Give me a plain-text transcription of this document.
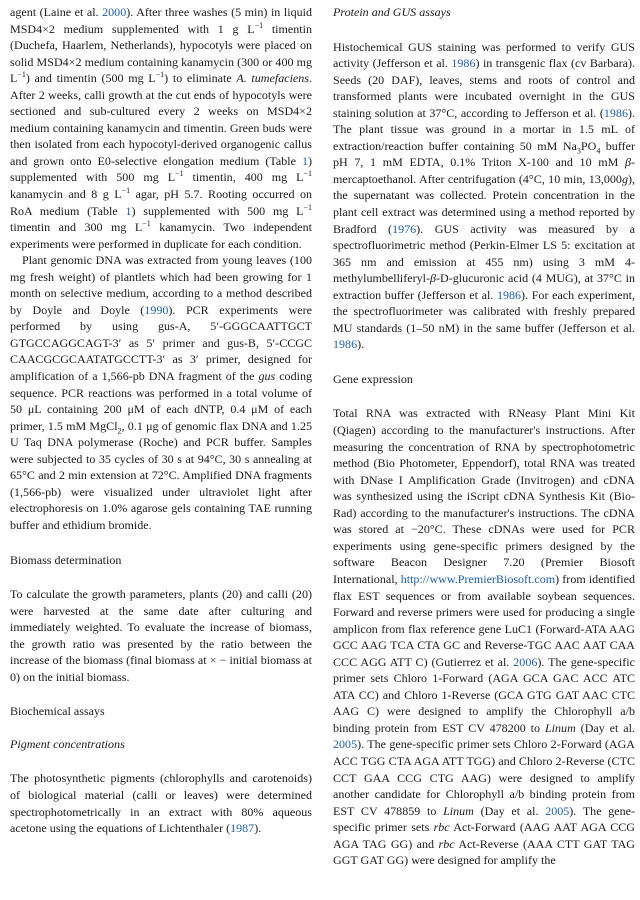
agent (Laine et al. 2000). After three washes (5 min) in liquid MSD4×2 medium supplemented with 1 g $L^{-1}$ timentin (Duchefa, Haarlem, Netherlands), hypocotyls were placed on solid MSD4×2 medium containing kanamycin (300 or 400 mg $L^{-1}$) and timentin (500 mg $L^{-1}$) to eliminate A. tumefaciens. After 2 weeks, calli growth at the cut ends of hypocotyls were sectioned and sub-cultured every 2 weeks on MSD4×2 medium containing kanamycin and timentin. Green buds were then isolated from each hypocotyl-derived organogenic callus and grown onto E0-selective elongation medium (Table 1) supplemented with 500 mg $L^{-1}$ timentin, 400 mg $L^{-1}$ kanamycin and 8 g $L^{-1}$ agar, pH 5.7. Rooting occurred on RoA medium (Table 1) supplemented with 500 mg $L^{-1}$ timentin and 300 mg $L^{-1}$ kanamycin. Two independent experiments were performed in duplicate for each condition.

Plant genomic DNA was extracted from young leaves (100 mg fresh weight) of plantlets which had been growing for 1 month on selective medium, according to a method described by Doyle and Doyle (1990). PCR experiments were performed by using gus-A, 5′-GGGCAATTGCT GTGCCAGGCAGT-3′ as 5′ primer and gus-B, 5′-CCGC CAACGCGCAATATGCCTT-3′ as 3′ primer, designed for amplification of a 1,566-pb DNA fragment of the gus coding sequence. PCR reactions was performed in a total volume of 50 μL containing 200 μM of each dNTP, 0.4 μM of each primer, 1.5 mM MgCl$_2$, 0.1 μg of genomic flax DNA and 1.25 U Taq DNA polymerase (Roche) and PCR buffer. Samples were subjected to 35 cycles of 30 s at 94°C, 30 s annealing at 65°C and 2 min extension at 72°C. Amplified DNA fragments (1,566-pb) were visualized under ultraviolet light after electrophoresis on 1.0% agarose gels containing TAE running buffer and ethidium bromide.

Biomass determination

To calculate the growth parameters, plants (20) and calli (20) were harvested at the same date after culturing and immediately weighted. To evaluate the increase of biomass, the growth ratio was presented by the ratio between the increase of the biomass (final biomass at × − initial biomass at 0) on the initial biomass.

Biochemical assays

Pigment concentrations

The photosynthetic pigments (chlorophylls and carotenoids) of biological material (calli or leaves) were determined spectrophotometrically in an extract with 80% aqueous acetone using the equations of Lichtenthaler (1987).

Protein and GUS assays

Histochemical GUS staining was performed to verify GUS activity (Jefferson et al. 1986) in transgenic flax (cv Barbara). Seeds (20 DAF), leaves, stems and roots of control and transformed plants were incubated overnight in the GUS staining solution at 37°C, according to Jefferson et al. (1986). The plant tissue was ground in a mortar in 1.5 mL of extraction/reaction buffer containing 50 mM $Na_3PO_4$ buffer pH 7, 1 mM EDTA, 0.1% Triton X-100 and 10 mM β-mercaptoethanol. After centrifugation (4°C, 10 min, 13,000g), the supernatant was collected. Protein concentration in the plant cell extract was determined using a method reported by Bradford (1976). GUS activity was measured by a spectrofluorimetric method (Perkin-Elmer LS 5: excitation at 365 nm and emission at 455 nm) using 3 mM 4-methylumbelliferyl-β-D-glucuronic acid (4 MUG), at 37°C in extraction buffer (Jefferson et al. 1986). For each experiment, the spectrofluorimeter was calibrated with freshly prepared MU standards (1–50 nM) in the same buffer (Jefferson et al. 1986).

Gene expression

Total RNA was extracted with RNeasy Plant Mini Kit (Qiagen) according to the manufacturer's instructions. After measuring the concentration of RNA by spectrophotometric method (Bio Photometer, Eppendorf), total RNA was treated with DNase I Amplification Grade (Invitrogen) and cDNA was synthesized using the iScript cDNA Synthesis Kit (Bio-Rad) according to the manufacturer's instructions. The cDNA was stored at −20°C. These cDNAs were used for PCR experiments using gene-specific primers designed by the software Beacon Designer 7.20 (Premier Biosoft International, http://www.PremierBiosoft.com) from identified flax EST sequences or from available soybean sequences. Forward and reverse primers were used for producing a single amplicon from flax reference gene LuC1 (Forward-ATA AAG GCC AAG TCA CTA GC and Reverse-TGC AAC AAT CAA CCC AGG ATT C) (Gutierrez et al. 2006). The gene-specific primer sets Chloro 1-Forward (AGA GCA GAC ACC ATC ATA CC) and Chloro 1-Reverse (GCA GTG GAT AAC CTC AAG C) were designed to amplify the Chlorophyll a/b binding protein from EST CV 478200 to Linum (Day et al. 2005). The gene-specific primer sets Chloro 2-Forward (AGA ACC TGG CTA AGA ATT TGG) and Chloro 2-Reverse (CTC CCT GAA CCG CTG AAG) were designed to amplify another candidate for Chlorophyll a/b binding protein from EST CV 478859 to Linum (Day et al. 2005). The gene-specific primer sets rbc Act-Forward (AAG AAT AGA CCG AGA TAG GG) and rbc Act-Reverse (AAA CTT GAT TAG GGT GAT GG) were designed for amplify the
